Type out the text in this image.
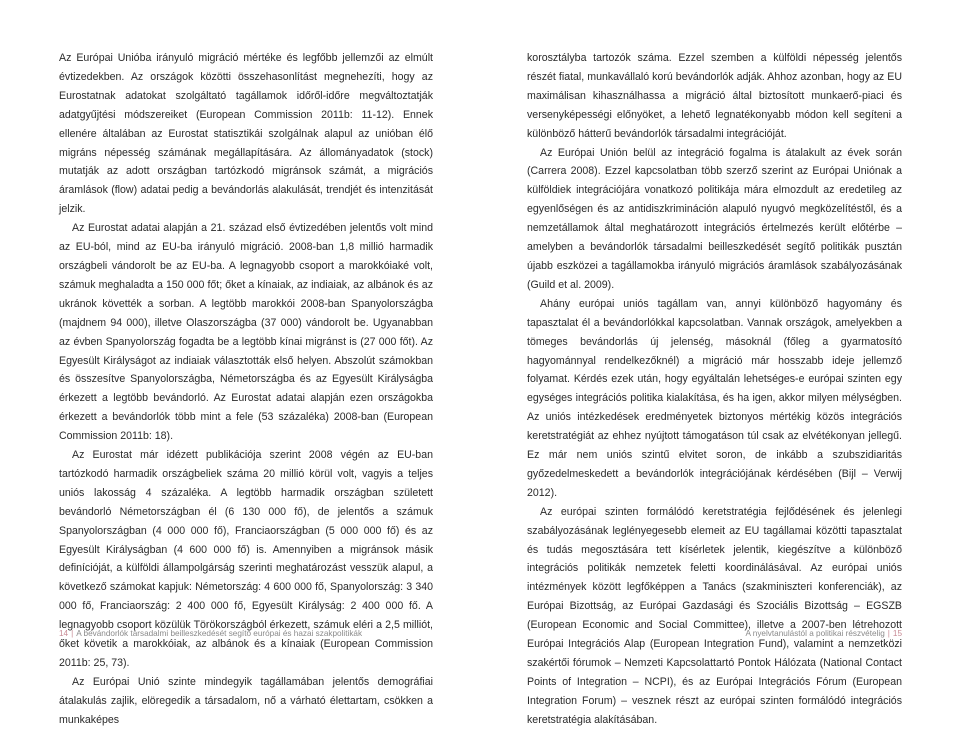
Az Európai Unióba irányuló migráció mértéke és legfőbb jellemzői az elmúlt évtizedekben. Az országok közötti összehasonlítást megnehezíti, hogy az Eurostatnak adatokat szolgáltató tagállamok időről-időre megváltoztatják adatgyűjtési módszereiket (European Commission 2011b: 11-12). Ennek ellenére általában az Eurostat statisztikái szolgálnak alapul az unióban élő migráns népesség számának megállapítására. Az állományadatok (stock) mutatják az adott országban tartózkodó migránsok számát, a migrációs áramlások (flow) adatai pedig a bevándorlás alakulását, trendjét és intenzitását jelzik.

Az Eurostat adatai alapján a 21. század első évtizedében jelentős volt mind az EU-ból, mind az EU-ba irányuló migráció. 2008-ban 1,8 millió harmadik országbeli vándorolt be az EU-ba. A legnagyobb csoport a marokkóiaké volt, számuk meghaladta a 150 000 főt; őket a kínaiak, az indiaiak, az albánok és az ukránok követték a sorban. A legtöbb marokkói 2008-ban Spanyolországba (majdnem 94 000), illetve Olaszországba (37 000) vándorolt be. Ugyanabban az évben Spanyolország fogadta be a legtöbb kínai migránst is (27 000 főt). Az Egyesült Királyságot az indiaiak választották első helyen. Abszolút számokban és összesítve Spanyolországba, Németországba és az Egyesült Királyságba érkezett a legtöbb bevándorló. Az Eurostat adatai alapján ezen országokba érkezett a bevándorlók több mint a fele (53 százaléka) 2008-ban (European Commission 2011b: 18).

Az Eurostat már idézett publikációja szerint 2008 végén az EU-ban tartózkodó harmadik országbeliek száma 20 millió körül volt, vagyis a teljes uniós lakosság 4 százaléka. A legtöbb harmadik országban született bevándorló Németországban él (6 130 000 fő), de jelentős a számuk Spanyolországban (4 000 000 fő), Franciaországban (5 000 000 fő) és az Egyesült Királyságban (4 600 000 fő) is. Amennyiben a migránsok másik definícióját, a külföldi állampolgárság szerinti meghatározást vesszük alapul, a következő számokat kapjuk: Németország: 4 600 000 fő, Spanyolország: 3 340 000 fő, Franciaország: 2 400 000 fő, Egyesült Királyság: 2 400 000 fő. A legnagyobb csoport közülük Törökországból érkezett, számuk eléri a 2,5 milliót, őket követik a marokkóiak, az albánok és a kínaiak (European Commission 2011b: 25, 73).

Az Európai Unió szinte mindegyik tagállamában jelentős demográfiai átalakulás zajlik, elöregedik a társadalom, nő a várható élettartam, csökken a munkaképes

14 | A bevándorlók társadalmi beilleszkedését segítő európai és hazai szakpolitikák

korosztályba tartozók száma. Ezzel szemben a külföldi népesség jelentős részét fiatal, munkavállaló korú bevándorlók adják. Ahhoz azonban, hogy az EU maximálisan kihasználhassa a migráció által biztosított munkaerő-piaci és versenyképességi előnyöket, a lehető legnatékonyabb módon kell segíteni a különböző hátterű bevándorlók társadalmi integrációját.

Az Európai Unión belül az integráció fogalma is átalakult az évek során (Carrera 2008). Ezzel kapcsolatban több szerző szerint az Európai Uniónak a külföldiek integrációjára vonatkozó politikája mára elmozdult az eredetileg az egyenlőségen és az antidiszkrimináción alapuló nyugvó megközelítéstől, és a nemzetállamok által meghatározott integrációs értelmezés került előtérbe – amelyben a bevándorlók társadalmi beilleszkedését segítő politikák pusztán újabb eszközei a tagállamokba irányuló migrációs áramlások szabályozásának (Guild et al. 2009).

Ahány európai uniós tagállam van, annyi különböző hagyomány és tapasztalat él a bevándorlókkal kapcsolatban. Vannak országok, amelyekben a tömeges bevándorlás új jelenség, másoknál (főleg a gyarmatosító hagyománnyal rendelkezőknél) a migráció már hosszabb ideje jellemző folyamat. Kérdés ezek után, hogy egyáltalán lehetséges-e európai szinten egy egységes integrációs politika kialakítása, és ha igen, akkor milyen mélységben. Az uniós intézkedések eredményetek biztonyos mértékig közös integrációs keretstratégiát az ehhez nyújtott támogatáson túl csak az elvétékonyan jellegű. Ez már nem uniós szintű elvitet soron, de inkább a szubszidiaritás győzedelmeskedett a bevándorlók integrációjának kérdésében (Bijl – Verwij 2012).

Az európai szinten formálódó keretstratégia fejlődésének és jelenlegi szabályozásának leglényegesebb elemeit az EU tagállamai közötti tapasztalat és tudás megosztására tett kísérletek jelentik, kiegészítve a különböző integrációs politikák nemzetek feletti koordinálásával. Az európai uniós intézmények között legfőképpen a Tanács (szakminiszteri konferenciák), az Európai Bizottság, az Európai Gazdasági és Szociális Bizottság – EGSZB (European Economic and Social Committee), illetve a 2007-ben létrehozott Európai Integrációs Alap (European Integration Fund), valamint a nemzetközi szakértői fórumok – Nemzeti Kapcsolattartó Pontok Hálózata (National Contact Points of Integration – NCPI), és az Európai Integrációs Fórum (European Integration Forum) – vesznek részt az európai szinten formálódó integrációs keretstratégia alakításában.

A nyelvtanulástól a politikai részvételig | 15
